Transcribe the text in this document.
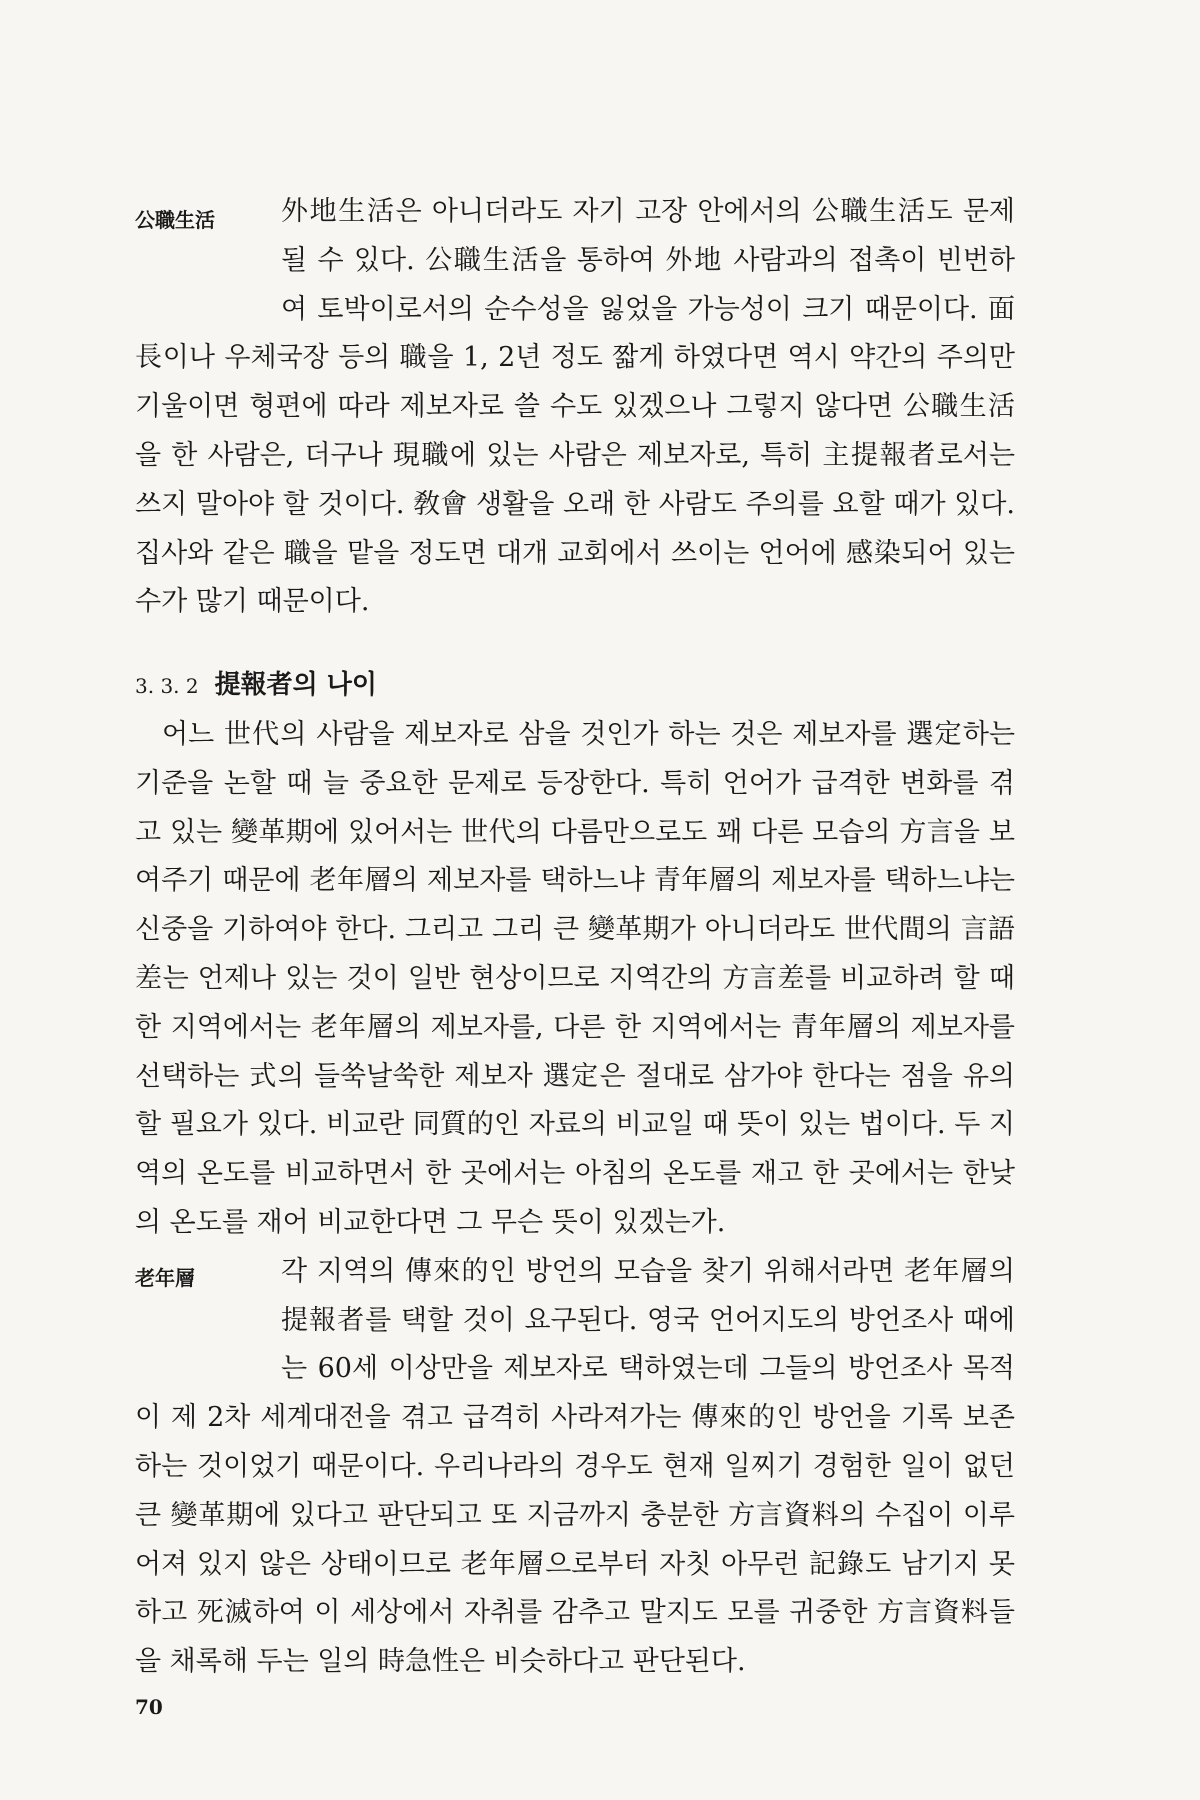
公職生活	外地生活은 아니더라도 자기 고장 안에서의 公職生活도 문제될 수 있다. 公職生活을 통하여 外地 사람과의 접촉이 빈번하여 토박이로서의 순수성을 잃었을 가능성이 크기 때문이다. 面長이나 우체국장 등의 職을 1, 2년 정도 짧게 하였다면 역시 약간의 주의만 기울이면 형편에 따라 제보자로 쓸 수도 있겠으나 그렇지 않다면 公職生活을 한 사람은, 더구나 現職에 있는 사람은 제보자로, 특히 主提報者로서는 쓰지 말아야 할 것이다. 敎會 생활을 오래 한 사람도 주의를 요할 때가 있다. 집사와 같은 職을 맡을 정도면 대개 교회에서 쓰이는 언어에 感染되어 있는 수가 많기 때문이다.

3. 3. 2 提報者의 나이

어느 世代의 사람을 제보자로 삼을 것인가 하는 것은 제보자를 選定하는 기준을 논할 때 늘 중요한 문제로 등장한다. 특히 언어가 급격한 변화를 겪고 있는 變革期에 있어서는 世代의 다름만으로도 꽤 다른 모습의 方言을 보여주기 때문에 老年層의 제보자를 택하느냐 青年層의 제보자를 택하느냐는 신중을 기하여야 한다. 그리고 그리 큰 變革期가 아니더라도 世代間의 言語差는 언제나 있는 것이 일반 현상이므로 지역간의 方言差를 비교하려 할 때 한 지역에서는 老年層의 제보자를, 다른 한 지역에서는 青年層의 제보자를 선택하는 式의 들쑥날쑥한 제보자 選定은 절대로 삼가야 한다는 점을 유의할 필요가 있다. 비교란 同質的인 자료의 비교일 때 뜻이 있는 법이다. 두 지역의 온도를 비교하면서 한 곳에서는 아침의 온도를 재고 한 곳에서는 한낮의 온도를 재어 비교한다면 그 무슨 뜻이 있겠는가.

老年層	각 지역의 傳來的인 방언의 모습을 찾기 위해서라면 老年層의 提報者를 택할 것이 요구된다. 영국 언어지도의 방언조사 때에는 60세 이상만을 제보자로 택하였는데 그들의 방언조사 목적이 제 2차 세계대전을 겪고 급격히 사라져가는 傳來的인 방언을 기록 보존하는 것이었기 때문이다. 우리나라의 경우도 현재 일찌기 경험한 일이 없던 큰 變革期에 있다고 판단되고 또 지금까지 충분한 方言資料의 수집이 이루어져 있지 않은 상태이므로 老年層으로부터 자칫 아무런 記錄도 남기지 못하고 死滅하여 이 세상에서 자취를 감추고 말지도 모를 귀중한 方言資料들을 채록해 두는 일의 時急性은 비슷하다고 판단된다.

70
